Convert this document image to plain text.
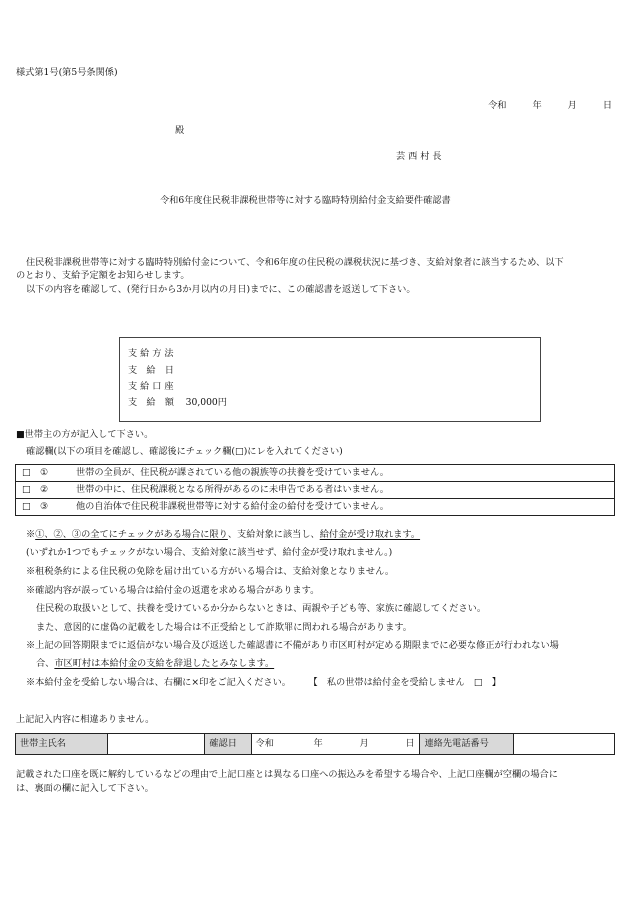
様式第1号(第5号条関係)
令和	年	月	日
殿
芸 西 村 長
令和6年度住民税非課税世帯等に対する臨時特別給付金支給要件確認書
住民税非課税世帯等に対する臨時特別給付金について、令和6年度の住民税の課税状況に基づき、支給対象者に該当するため、以下
のとおり、支給予定額をお知らせします。
以下の内容を確認して、(発行日から3か月以内の月日)までに、この確認書を返送して下さい。
支 給 方 法
支　給　日
支 給 口 座
支　給　額 30,000円
■世帯主の方が記入して下さい。
確認欄(以下の項目を確認し、確認後にチェック欄(□)にレを入れてください)
□ ①	世帯の全員が、住民税が課されている他の親族等の扶養を受けていません。
□ ②	世帯の中に、住民税課税となる所得があるのに未申告である者はいません。
□ ③	他の自治体で住民税非課税世帯等に対する給付金の給付を受けていません。
※①、②、③の全てにチェックがある場合に限り、支給対象に該当し、給付金が受け取れます。
(いずれか1つでもチェックがない場合、支給対象に該当せず、給付金が受け取れません。)
※租税条約による住民税の免除を届け出ている方がいる場合は、支給対象となりません。
※確認内容が誤っている場合は給付金の返還を求める場合があります。
住民税の取扱いとして、扶養を受けているか分からないときは、両親や子ども等、家族に確認してください。
また、意図的に虚偽の記載をした場合は不正受給として詐欺罪に問われる場合があります。
※上記の回答期限までに返信がない場合及び返送した確認書に不備があり市区町村が定める期限までに必要な修正が行われない場
合、市区町村は本給付金の支給を辞退したとみなします。
※本給付金を受給しない場合は、右欄に×印をご記入ください。 【　私の世帯は給付金を受給しません　□　】
上記記入内容に相違ありません。
世帯主氏名		確認日	令和	年	月	日	連絡先電話番号	
記載された口座を既に解約しているなどの理由で上記口座とは異なる口座への振込みを希望する場合や、上記口座欄が空欄の場合に
は、裏面の欄に記入して下さい。
